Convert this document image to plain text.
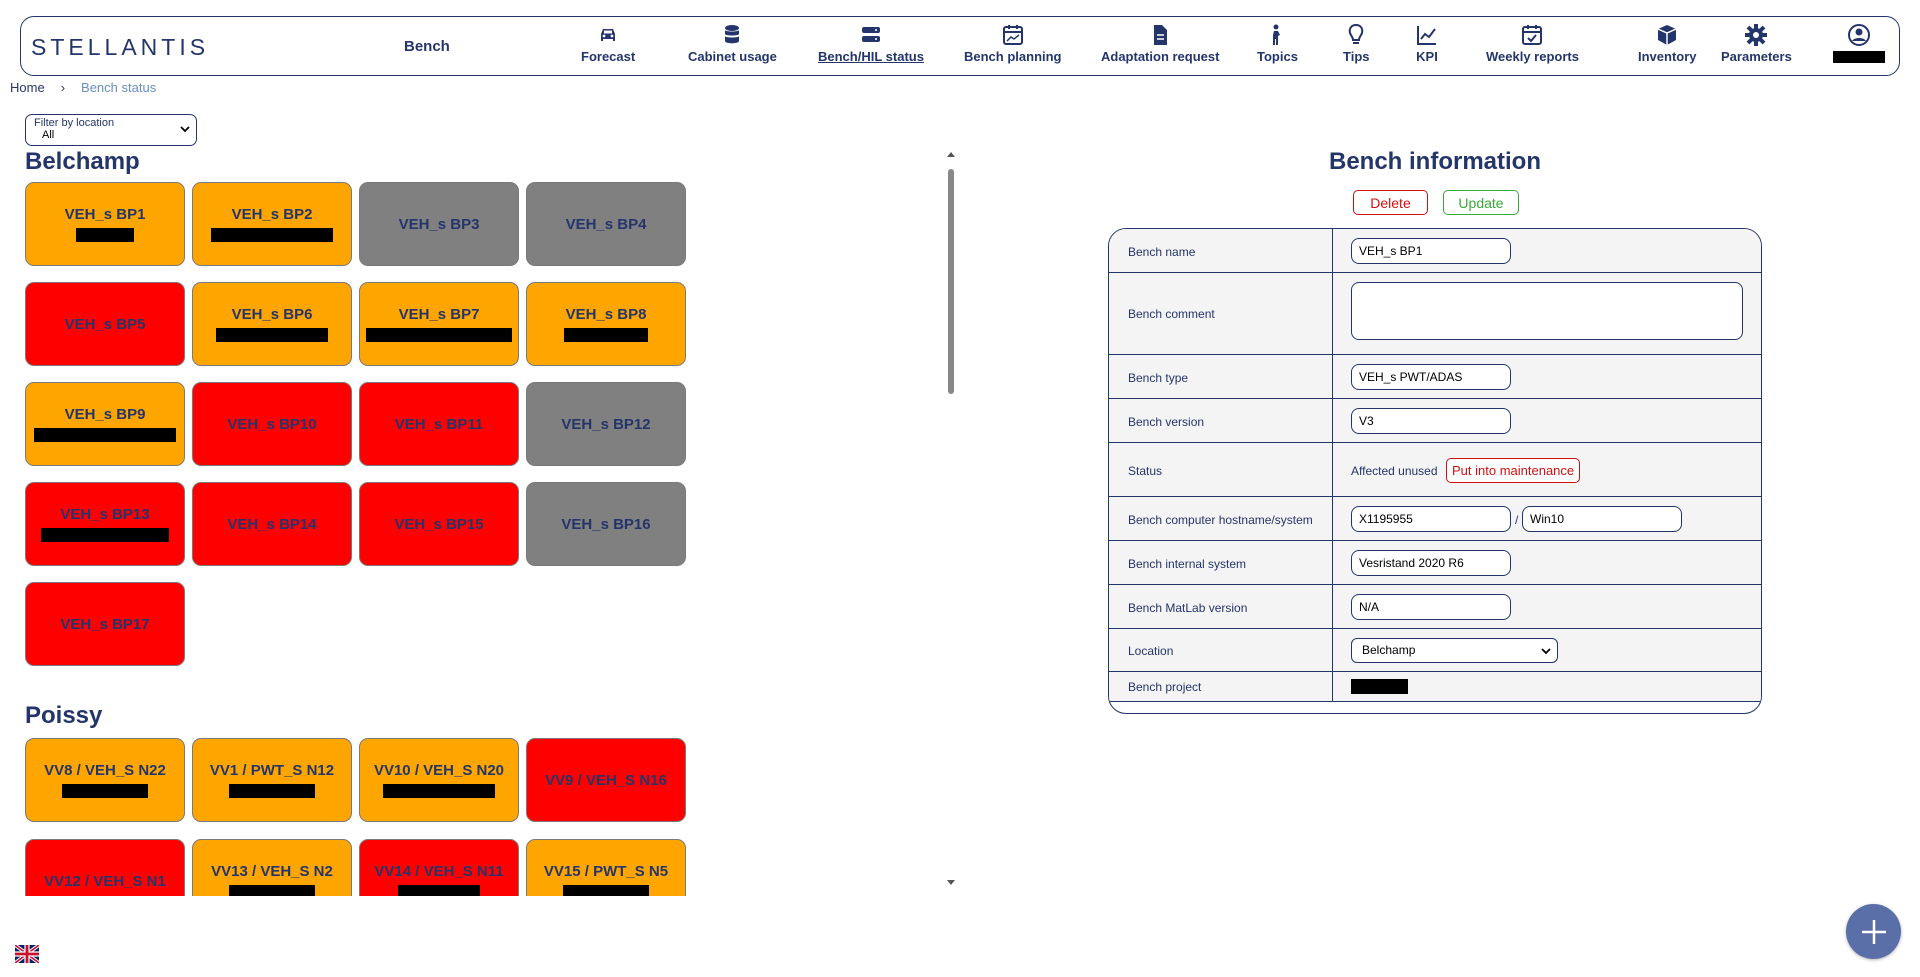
STELLANTIS	Bench
Forecast	Cabinet usage	Bench/HIL status	Bench planning	Adaptation request	Topics	Tips	KPI	Weekly reports	Inventory Parameters
Home › Bench status
Filter by location
All
Belchamp
VEH_s BP1	VEH_s BP2
VEH_s BP3	VEH_s BP4
VEH_s BP5
VEH_s BP6	VEH_s BP7	VEH_s BP8
VEH_s BP9
VEH_s BP10	VEH_s BP11	VEH_s BP12
VEH_s BP13
VEH_s BP14	VEH_s BP15	VEH_s BP16
VEH_s BP17
Poissy
VV8 / VEH_S N22	VV1 / PWT_S N12	VV10 / VEH_S N20
VV9 / VEH_S N16
VV12 / VEH_S N1
VV13 / VEH_S N2	VV14 / VEH_S N11	VV15 / PWT_S N5
Bench information
Delete	Update
Bench name	VEH_s BP1
Bench comment
Bench type	VEH_s PWT/ADAS
Bench version	V3
Status	Affected unused	Put into maintenance
Bench computer hostname/system	X1195955	/ Win10
Bench internal system	Vesristand 2020 R6
Bench MatLab version	N/A
Location	Belchamp
Bench project
